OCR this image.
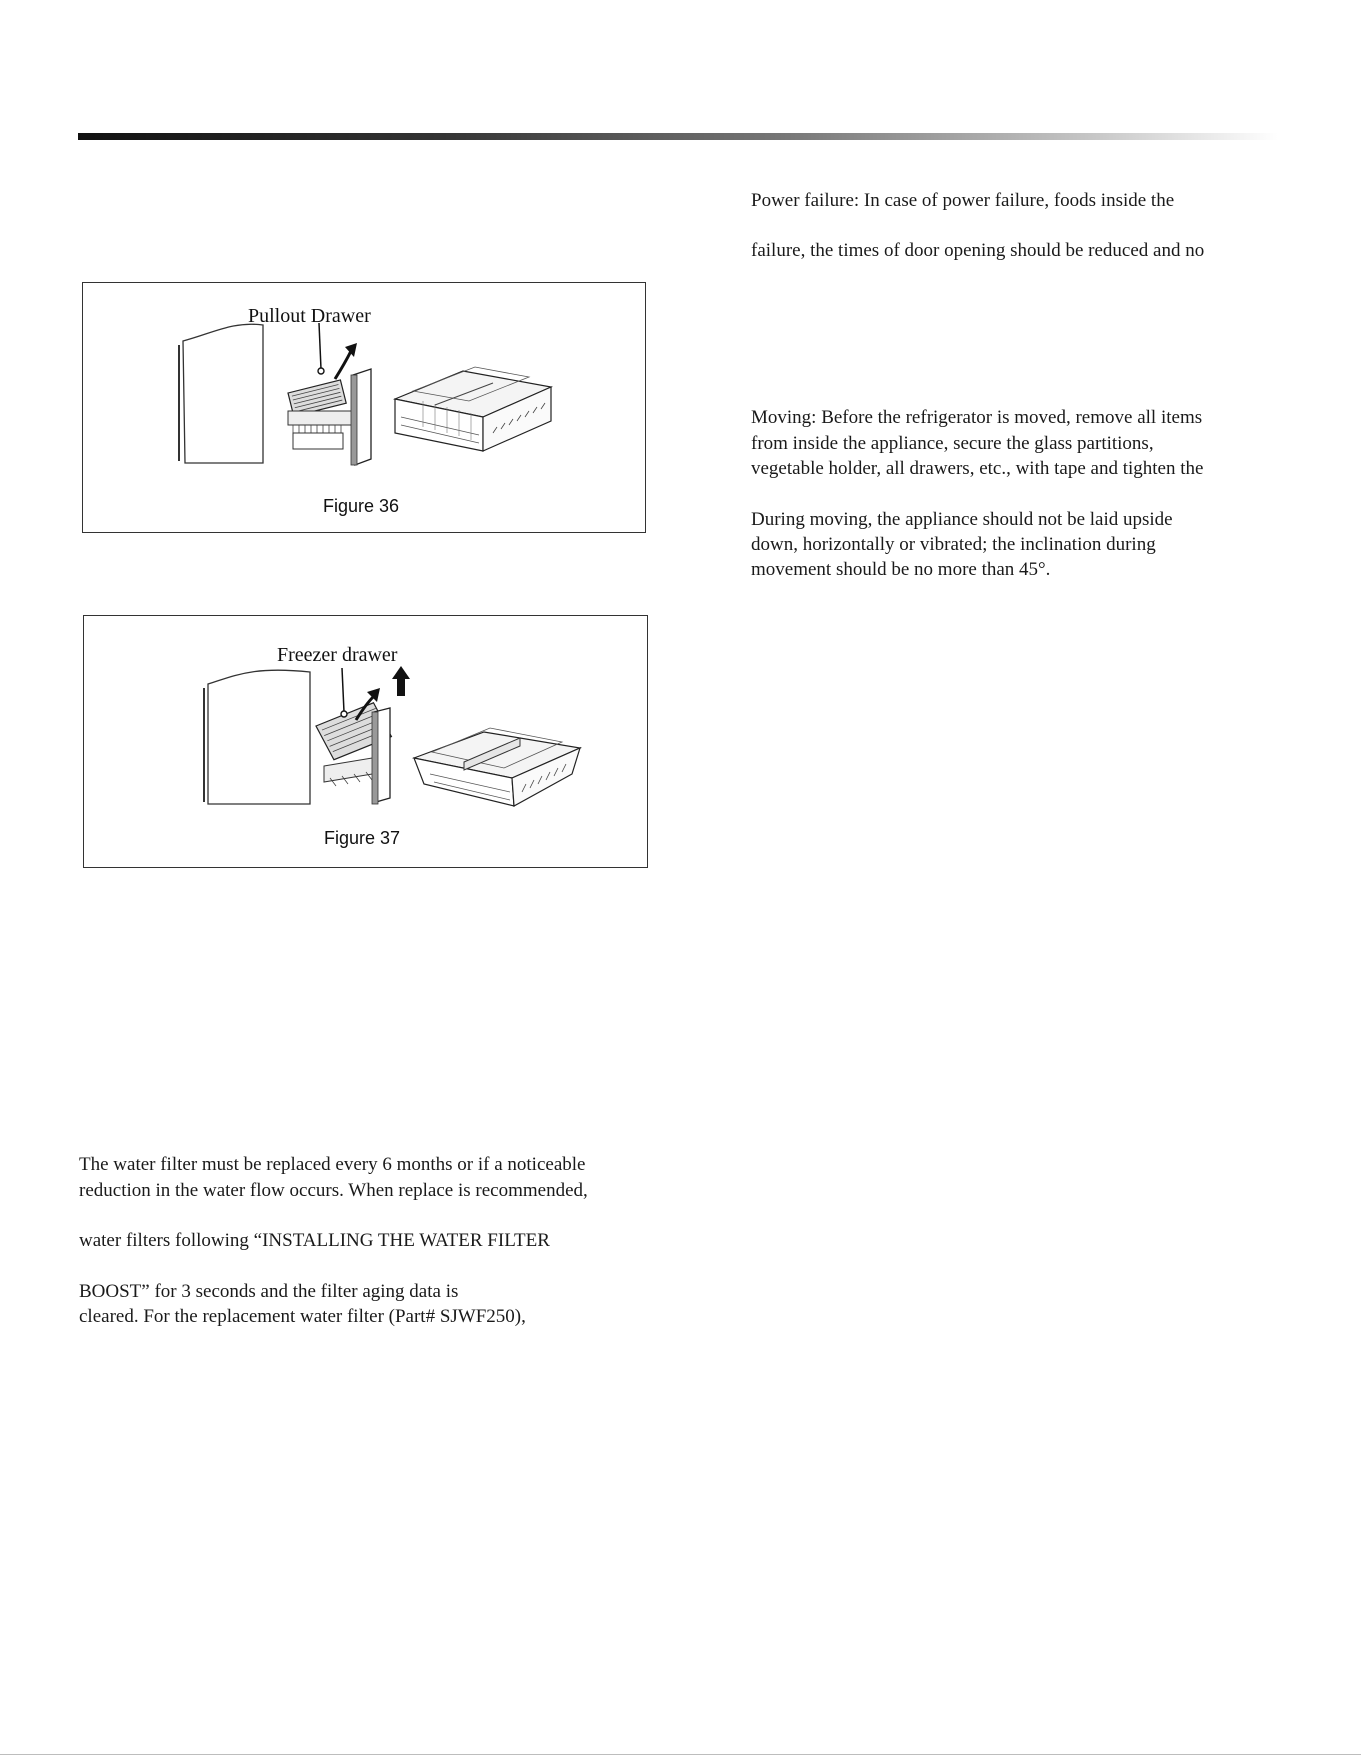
Pullout Drawer
Figure 36
Freezer drawer
Figure 37
The water filter must be replaced every 6 months or if a noticeable
reduction in the water flow occurs. When replace is recommended,
water filters following “INSTALLING THE WATER FILTER
BOOST” for 3 seconds and the filter aging data is
cleared. For the replacement water filter (Part# SJWF250),
Power failure: In case of power failure, foods inside the
failure, the times of door opening should be reduced and no
Moving: Before the refrigerator is moved, remove all items
from inside the appliance, secure the glass partitions,
vegetable holder, all drawers, etc., with tape and tighten the
During moving, the appliance should not be laid upside
down, horizontally or vibrated; the inclination during
movement should be no more than 45°.
